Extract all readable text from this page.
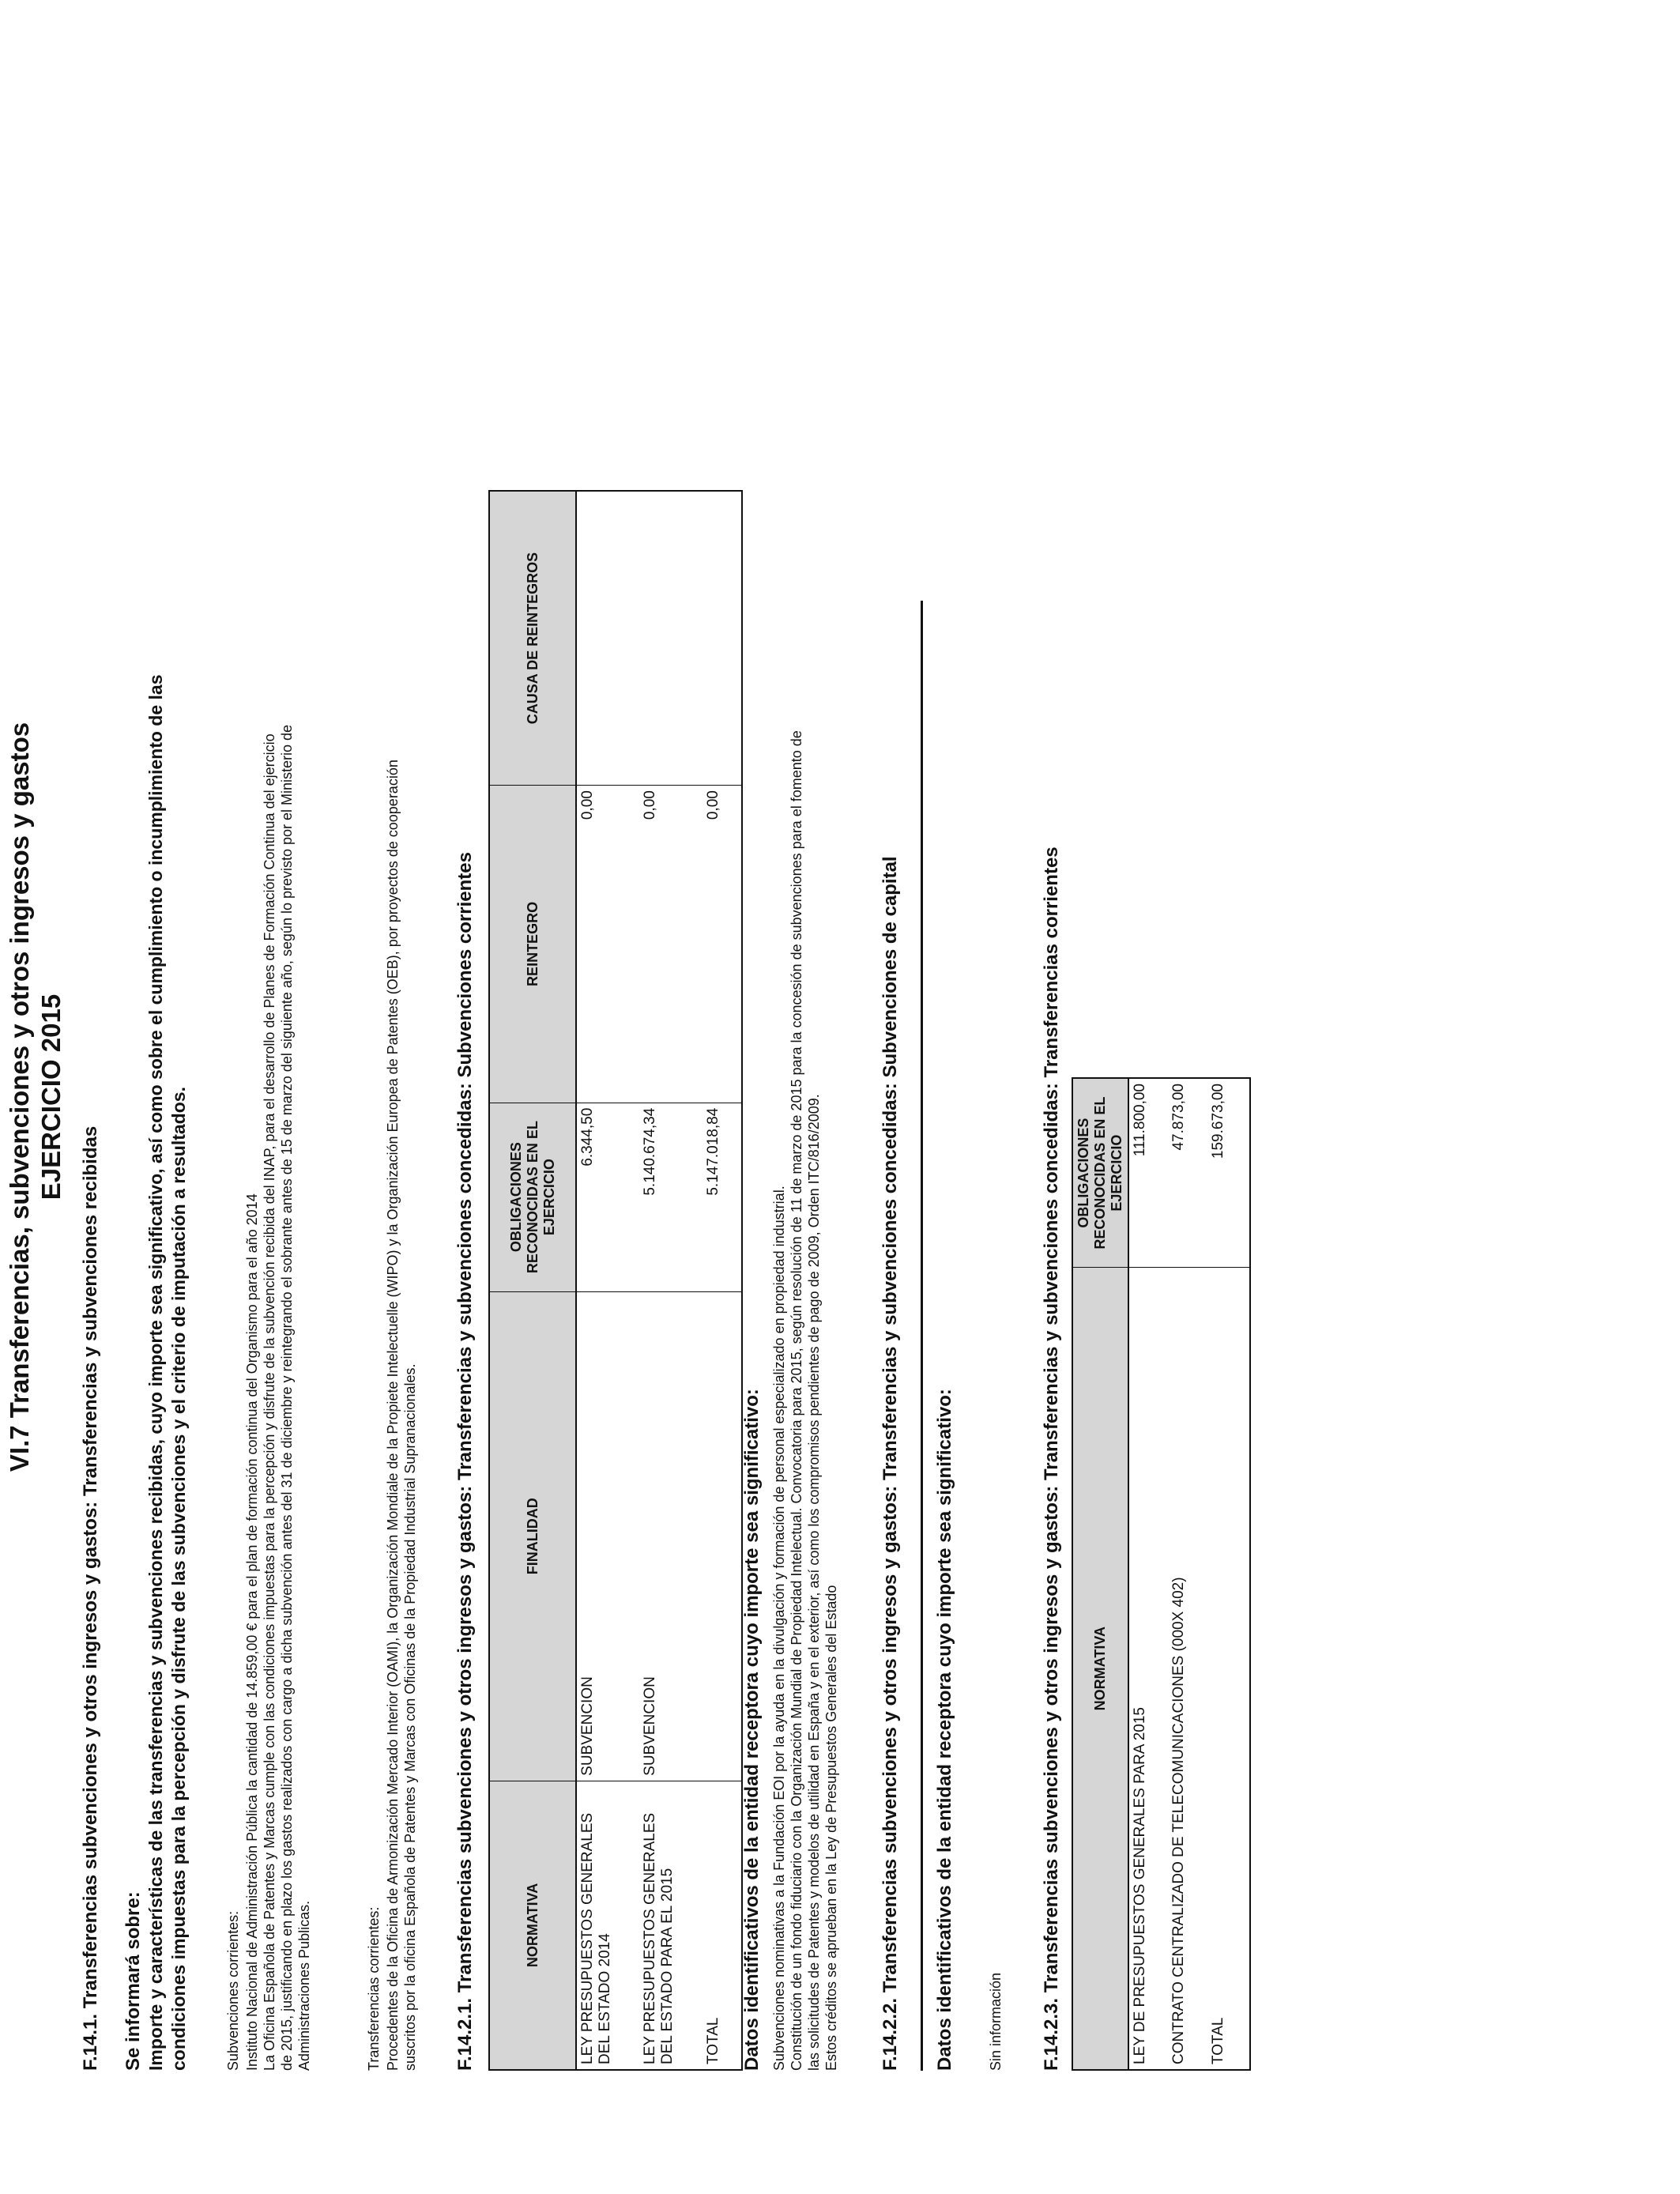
VI.7 Transferencias, subvenciones y otros ingresos y gastos EJERCICIO 2015
F.14.1. Transferencias subvenciones y otros ingresos y gastos: Transferencias y subvenciones recibidas Se informará sobre: Importe y características de las transferencias y subvenciones recibidas, cuyo importe sea significativo, así como sobre el cumplimiento o incumplimiento de las condiciones impuestas para la percepción y disfrute de las subvenciones y el criterio de imputación a resultados.	Subvenciones corrientes: Instituto Nacional de Administración Pública la cantidad de 14.859,00 € para el plan de formación continua del Organismo para el año 2014 La Oficina Española de Patentes y Marcas cumple con las condiciones impuestas para la percepción y disfrute de la subvención recibida del INAP, para el desarrollo de Planes de Formación Continua del ejercicio de 2015, justificando en plazo los gastos realizados con cargo a dicha subvención antes del 31 de diciembre y reintegrando el sobrante antes de 15 de marzo del siguiente año, según lo previsto por el Ministerio de Administraciones Publicas.	Transferencias corrientes: Procedentes de la Oficina de Armonización Mercado Interior (OAMI), la Organización Mondiale de la Propiete Intelectuelle (WIPO) y la Organización Europea de Patentes (OEB), por proyectos de cooperación suscritos por la oficina Española de Patentes y Marcas con Oficinas de la Propiedad Industrial Supranacionales. F.14.2.1. Transferencias subvenciones y otros ingresos y gastos: Transferencias y subvenciones concedidas: Subvenciones corrientes	NORMATIVA	FINALIDAD	OBLIGACIONES RECONOCIDAS EN EL EJERCICIO	REINTEGRO	CAUSA DE REINTEGROS
LEY PRESUPUESTOS GENERALES DEL ESTADO 2014	SUBVENCION	6.344,50	0,00	
LEY PRESUPUESTOS GENERALES DEL ESTADO PARA EL 2015	SUBVENCION	5.140.674,34	0,00	
TOTAL		5.147.018,84	0,00	
Datos identificativos de la entidad receptora cuyo importe sea significativo: Subvenciones nominativas a la Fundación EOI por la ayuda en la divulgación y formación de personal especializado en propiedad industrial. Constitución de un fondo fiduciario con la Organización Mundial de Propiedad Intelectual. Convocatoria para 2015, según resolución de 11 de marzo de 2015 para la concesión de subvenciones para el fomento de las solicitudes de Patentes y modelos de utilidad en España y en el exterior, así como los compromisos pendientes de pago de 2009, Orden ITC/816/2009. Estos créditos se aprueban en la Ley de Presupuestos Generales del Estado F.14.2.2. Transferencias subvenciones y otros ingresos y gastos: Transferencias y subvenciones concedidas: Subvenciones de capital Datos identificativos de la entidad receptora cuyo importe sea significativo: Sin información F.14.2.3. Transferencias subvenciones y otros ingresos y gastos: Transferencias y subvenciones concedidas: Transferencias corrientes NORMATIVA	OBLIGACIONES RECONOCIDAS EN EL EJERCICIO
LEY DE PRESUPUESTOS GENERALES PARA 2015	111.800,00
CONTRATO CENTRALIZADO DE TELECOMUNICACIONES (000X 402)	47.873,00
TOTAL	159.673,00
